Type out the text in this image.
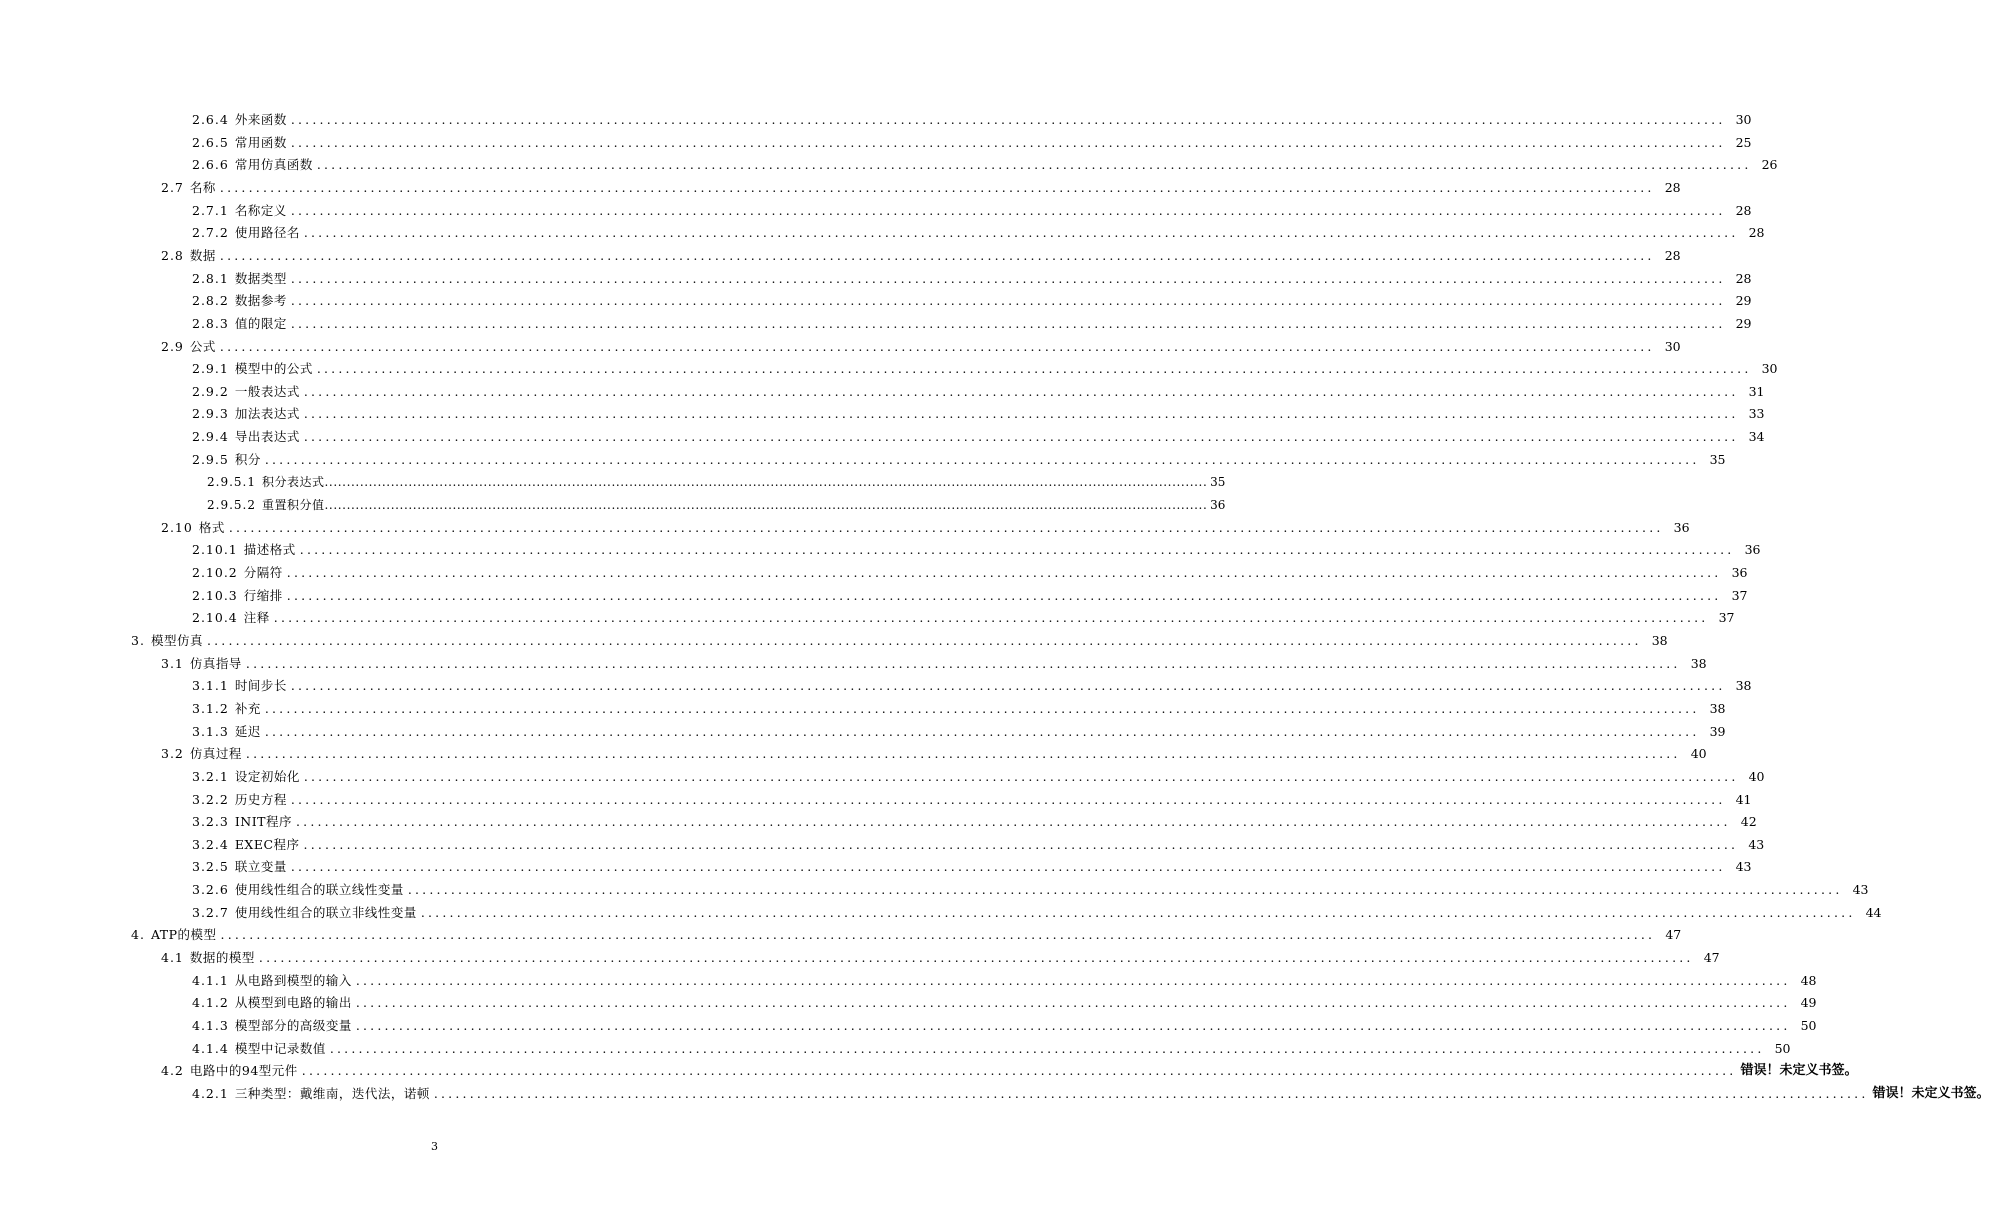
2.6.4 外来函数 ........................................................................................................................................................................................................ 30
2.6.5 常用函数 ........................................................................................................................................................................................................ 25
2.6.6 常用仿真函数 ........................................................................................................................................................................................................ 26
2.7 名称 ........................................................................................................................................................................................................ 28
2.7.1 名称定义 ........................................................................................................................................................................................................ 28
2.7.2 使用路径名 ........................................................................................................................................................................................................ 28
2.8 数据 ........................................................................................................................................................................................................ 28
2.8.1 数据类型 ........................................................................................................................................................................................................ 28
2.8.2 数据参考 ........................................................................................................................................................................................................ 29
2.8.3 值的限定 ........................................................................................................................................................................................................ 29
2.9 公式 ........................................................................................................................................................................................................ 30
2.9.1 模型中的公式 ........................................................................................................................................................................................................ 30
2.9.2 一般表达式 ........................................................................................................................................................................................................ 31
2.9.3 加法表达式 ........................................................................................................................................................................................................ 33
2.9.4 导出表达式 ........................................................................................................................................................................................................ 34
2.9.5 积分 ........................................................................................................................................................................................................ 35
2.9.5.1 积分表达式 ........................................................................................................................................................................................................ 35
2.9.5.2 重置积分值 ........................................................................................................................................................................................................ 36
2.10 格式 ........................................................................................................................................................................................................ 36
2.10.1 描述格式 ........................................................................................................................................................................................................ 36
2.10.2 分隔符 ........................................................................................................................................................................................................ 36
2.10.3 行缩排 ........................................................................................................................................................................................................ 37
2.10.4 注释 ........................................................................................................................................................................................................ 37
3. 模型仿真 ........................................................................................................................................................................................................ 38
3.1 仿真指导 ........................................................................................................................................................................................................ 38
3.1.1 时间步长 ........................................................................................................................................................................................................ 38
3.1.2 补充 ........................................................................................................................................................................................................ 38
3.1.3 延迟 ........................................................................................................................................................................................................ 39
3.2 仿真过程 ........................................................................................................................................................................................................ 40
3.2.1 设定初始化 ........................................................................................................................................................................................................ 40
3.2.2 历史方程 ........................................................................................................................................................................................................ 41
3.2.3 INIT程序 ........................................................................................................................................................................................................ 42
3.2.4 EXEC程序 ........................................................................................................................................................................................................ 43
3.2.5 联立变量 ........................................................................................................................................................................................................ 43
3.2.6 使用线性组合的联立线性变量 ........................................................................................................................................................................................................ 43
3.2.7 使用线性组合的联立非线性变量 ........................................................................................................................................................................................................ 44
4. ATP的模型 ........................................................................................................................................................................................................ 47
4.1 数据的模型 ........................................................................................................................................................................................................ 47
4.1.1 从电路到模型的输入 ........................................................................................................................................................................................................ 48
4.1.2 从模型到电路的输出 ........................................................................................................................................................................................................ 49
4.1.3 模型部分的高级变量 ........................................................................................................................................................................................................ 50
4.1.4 模型中记录数值 ........................................................................................................................................................................................................ 50
4.2 电路中的94型元件 ........................................................................................................................................................................................................ 错误！未定义书签。
4.2.1 三种类型：戴维南，迭代法，诺顿 ........................................................................................................................................................................................................ 错误！未定义书签。
3
